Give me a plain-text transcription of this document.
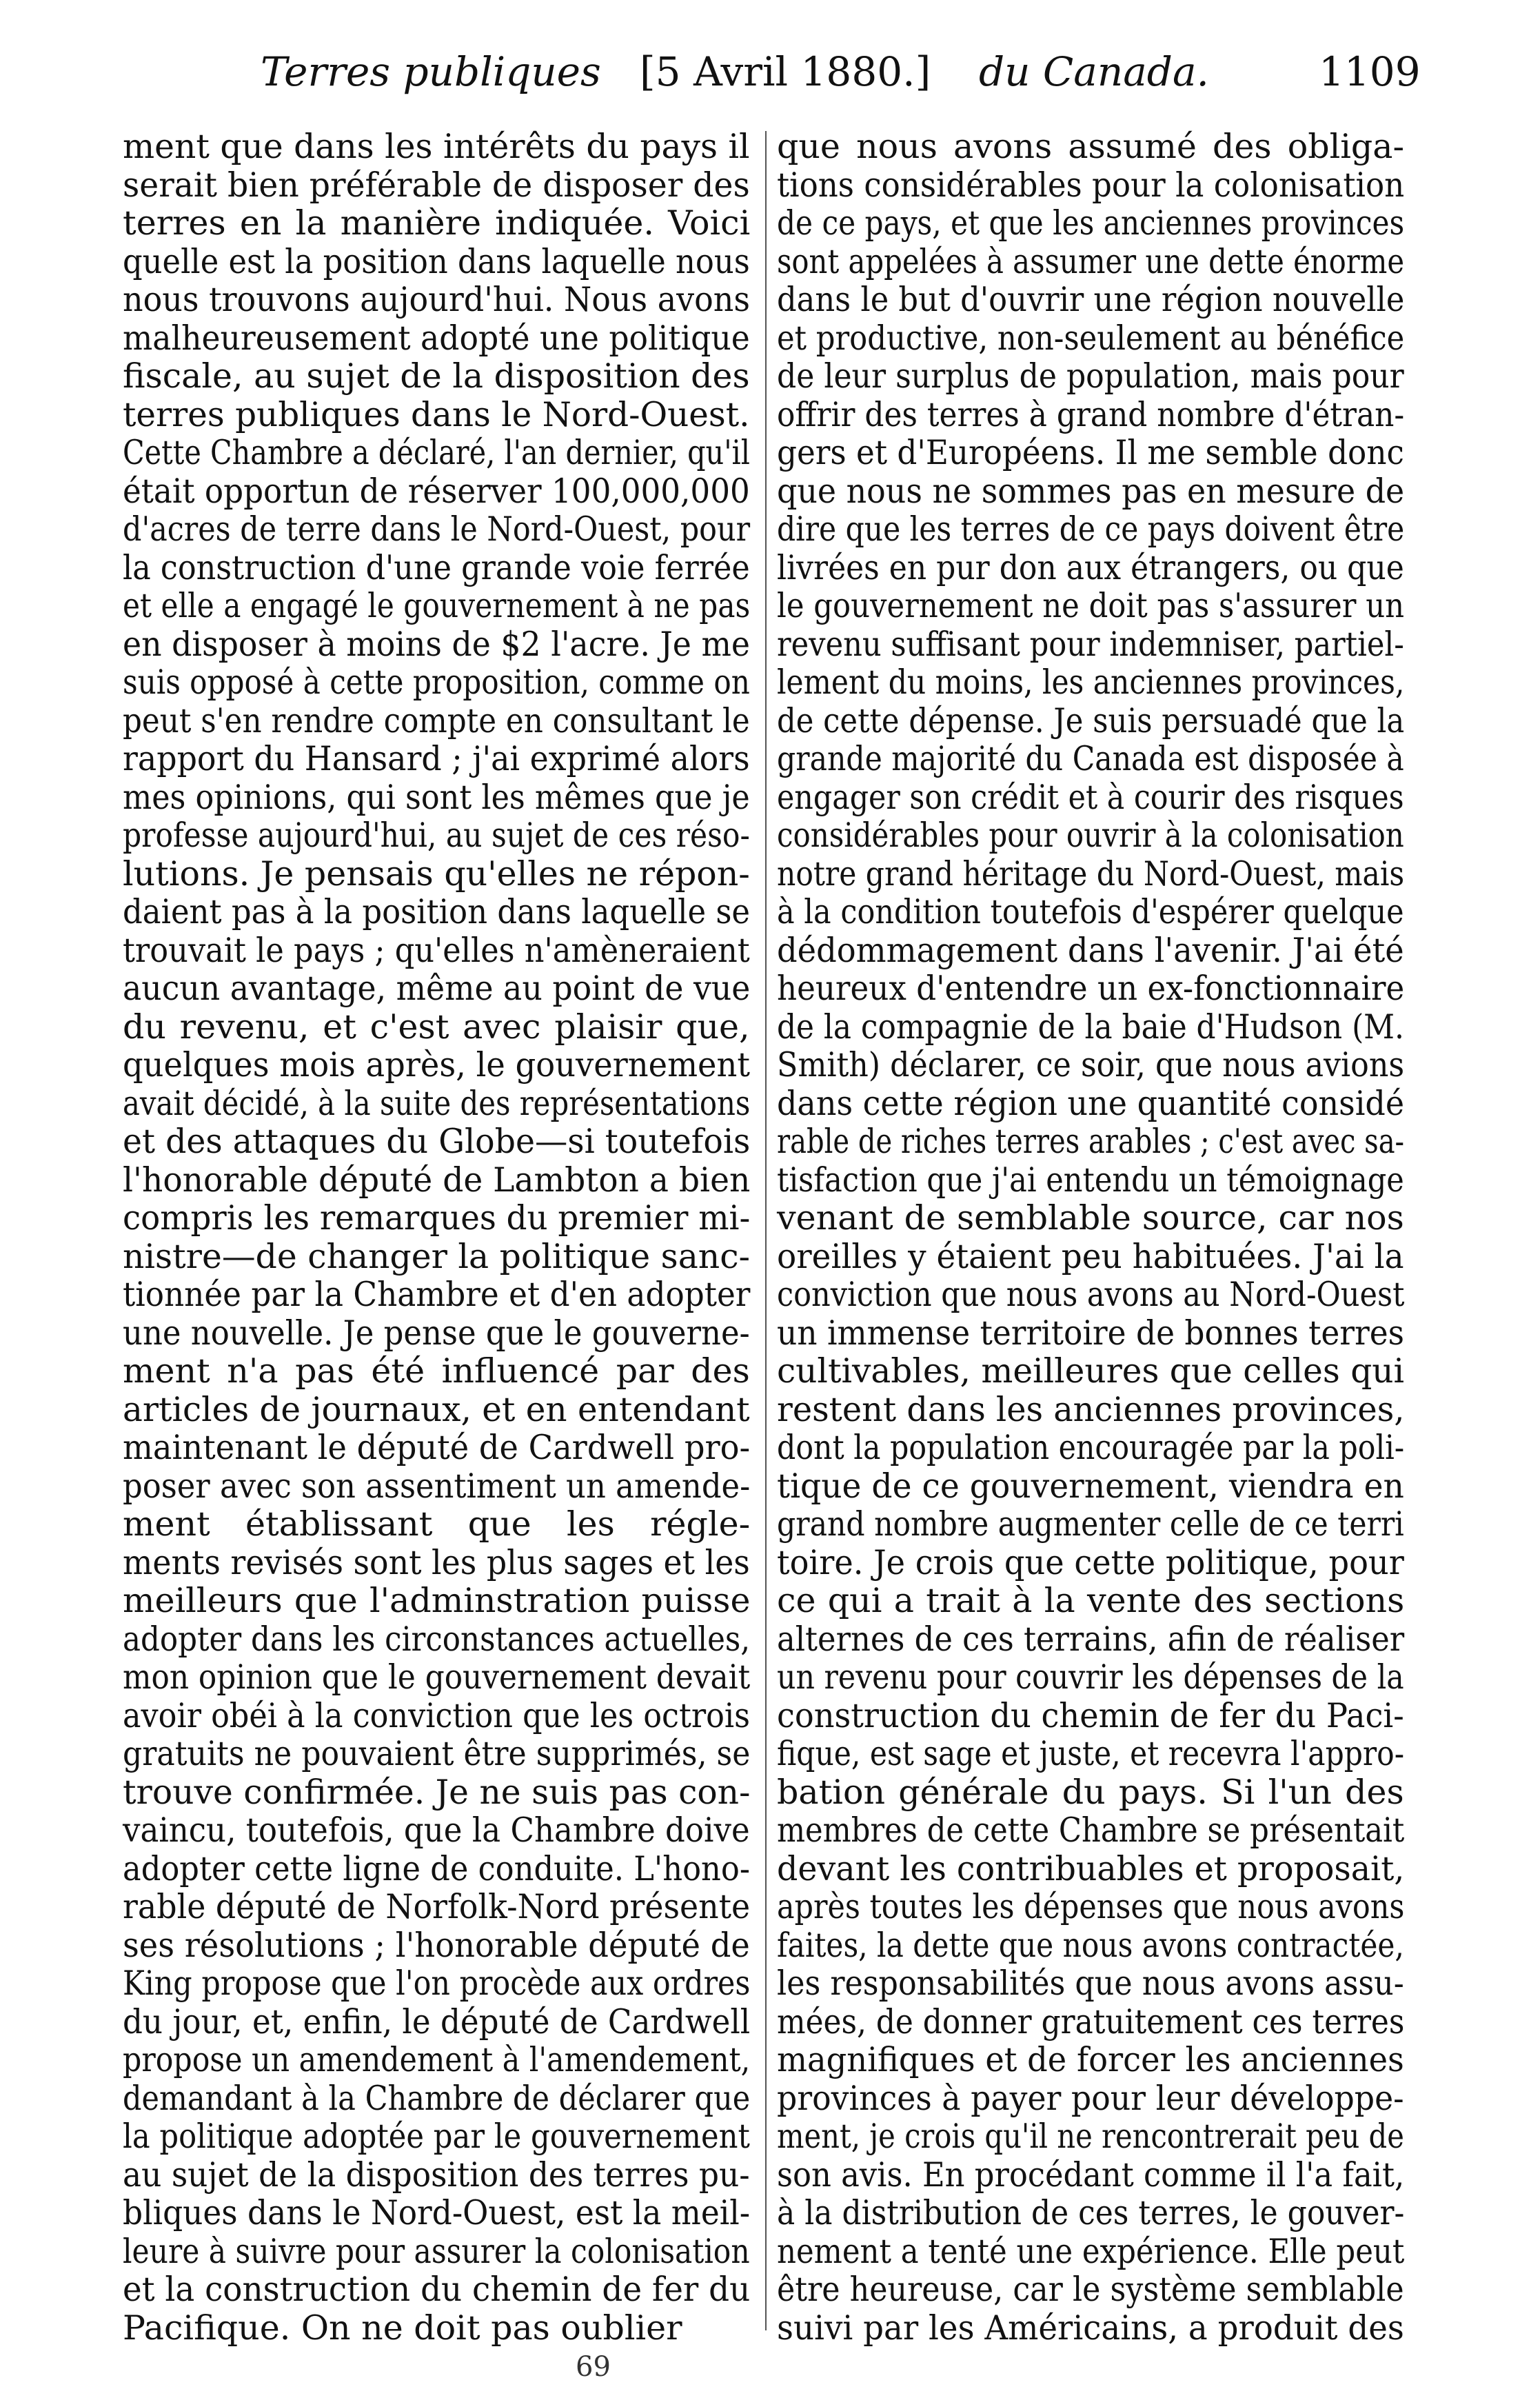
Terres publiques [5 Avril 1880.] du Canada.	1109
ment que dans les intérêts du pays il
serait bien préférable de disposer des
terres en la manière indiquée. Voici
quelle est la position dans laquelle nous
nous trouvons aujourd'hui. Nous avons
malheureusement adopté une politique
fiscale, au sujet de la disposition des
terres publiques dans le Nord-Ouest.
Cette Chambre a déclaré, l'an dernier, qu'il
était opportun de réserver 100,000,000
d'acres de terre dans le Nord-Ouest, pour
la construction d'une grande voie ferrée
et elle a engagé le gouvernement à ne pas
en disposer à moins de $2 l'acre. Je me
suis opposé à cette proposition, comme on
peut s'en rendre compte en consultant le
rapport du Hansard ; j'ai exprimé alors
mes opinions, qui sont les mêmes que je
professe aujourd'hui, au sujet de ces réso-
lutions. Je pensais qu'elles ne répon-
daient pas à la position dans laquelle se
trouvait le pays ; qu'elles n'amèneraient
aucun avantage, même au point de vue
du revenu, et c'est avec plaisir que,
quelques mois après, le gouvernement
avait décidé, à la suite des représentations
et des attaques du Globe—si toutefois
l'honorable député de Lambton a bien
compris les remarques du premier mi-
nistre—de changer la politique sanc-
tionnée par la Chambre et d'en adopter
une nouvelle. Je pense que le gouverne-
ment n'a pas été influencé par des
articles de journaux, et en entendant
maintenant le député de Cardwell pro-
poser avec son assentiment un amende-
ment établissant que les régle-
ments revisés sont les plus sages et les
meilleurs que l'adminstration puisse
adopter dans les circonstances actuelles,
mon opinion que le gouvernement devait
avoir obéi à la conviction que les octrois
gratuits ne pouvaient être supprimés, se
trouve confirmée. Je ne suis pas con-
vaincu, toutefois, que la Chambre doive
adopter cette ligne de conduite. L'hono-
rable député de Norfolk-Nord présente
ses résolutions ; l'honorable député de
King propose que l'on procède aux ordres
du jour, et, enfin, le député de Cardwell
propose un amendement à l'amendement,
demandant à la Chambre de déclarer que
la politique adoptée par le gouvernement
au sujet de la disposition des terres pu-
bliques dans le Nord-Ouest, est la meil-
leure à suivre pour assurer la colonisation
et la construction du chemin de fer du
Pacifique. On ne doit pas oublier
que nous avons assumé des obliga-
tions considérables pour la colonisation
de ce pays, et que les anciennes provinces
sont appelées à assumer une dette énorme
dans le but d'ouvrir une région nouvelle
et productive, non-seulement au bénéfice
de leur surplus de population, mais pour
offrir des terres à grand nombre d'étran-
gers et d'Européens. Il me semble donc
que nous ne sommes pas en mesure de
dire que les terres de ce pays doivent être
livrées en pur don aux étrangers, ou que
le gouvernement ne doit pas s'assurer un
revenu suffisant pour indemniser, partiel-
lement du moins, les anciennes provinces,
de cette dépense. Je suis persuadé que la
grande majorité du Canada est disposée à
engager son crédit et à courir des risques
considérables pour ouvrir à la colonisation
notre grand héritage du Nord-Ouest, mais
à la condition toutefois d'espérer quelque
dédommagement dans l'avenir. J'ai été
heureux d'entendre un ex-fonctionnaire
de la compagnie de la baie d'Hudson (M.
Smith) déclarer, ce soir, que nous avions
dans cette région une quantité considé
rable de riches terres arables ; c'est avec sa-
tisfaction que j'ai entendu un témoignage
venant de semblable source, car nos
oreilles y étaient peu habituées. J'ai la
conviction que nous avons au Nord-Ouest
un immense territoire de bonnes terres
cultivables, meilleures que celles qui
restent dans les anciennes provinces,
dont la population encouragée par la poli-
tique de ce gouvernement, viendra en
grand nombre augmenter celle de ce terri
toire. Je crois que cette politique, pour
ce qui a trait à la vente des sections
alternes de ces terrains, afin de réaliser
un revenu pour couvrir les dépenses de la
construction du chemin de fer du Paci-
fique, est sage et juste, et recevra l'appro-
bation générale du pays. Si l'un des
membres de cette Chambre se présentait
devant les contribuables et proposait,
après toutes les dépenses que nous avons
faites, la dette que nous avons contractée,
les responsabilités que nous avons assu-
mées, de donner gratuitement ces terres
magnifiques et de forcer les anciennes
provinces à payer pour leur développe-
ment, je crois qu'il ne rencontrerait peu de
son avis. En procédant comme il l'a fait,
à la distribution de ces terres, le gouver-
nement a tenté une expérience. Elle peut
être heureuse, car le système semblable
suivi par les Américains, a produit des
69
